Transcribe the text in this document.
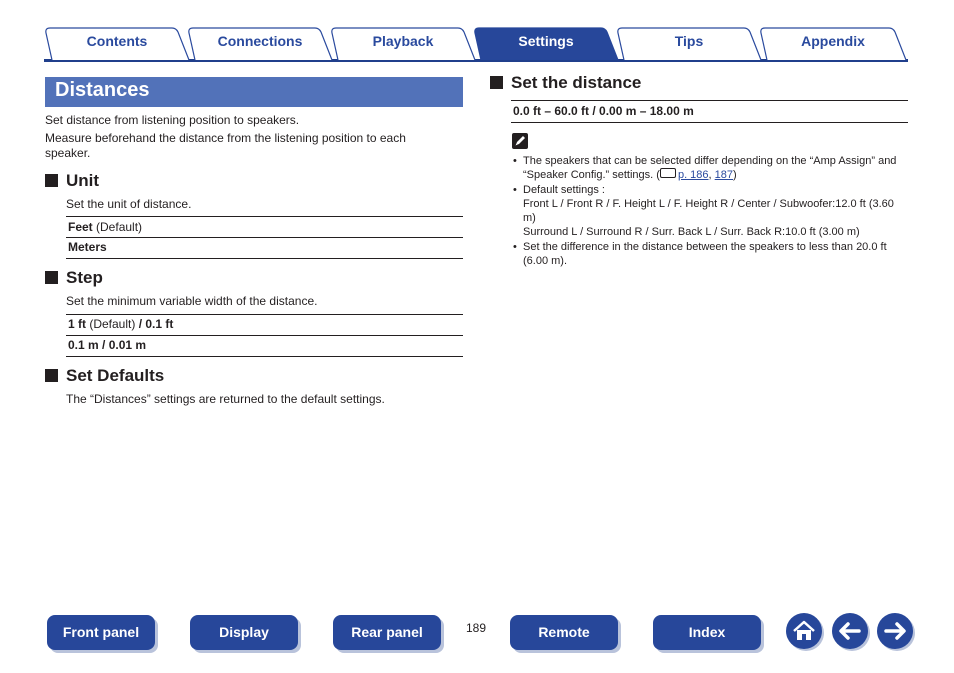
Contents	Connections	Playback	Settings	Tips	Appendix
Distances
Set distance from listening position to speakers.
Measure beforehand the distance from the listening position to each
speaker.
Unit
Set the unit of distance.
Feet (Default)
Meters
Step
Set the minimum variable width of the distance.
1 ft (Default) / 0.1 ft
0.1 m / 0.01 m
Set Defaults
The “Distances” settings are returned to the default settings.
Set the distance
0.0 ft – 60.0 ft / 0.00 m – 18.00 m
• The speakers that can be selected differ depending on the “Amp Assign” and
“Speaker Config.” settings. ( p. 186, 187)
• Default settings :
Front L / Front R / F. Height L / F. Height R / Center / Subwoofer:12.0 ft (3.60
m)
Surround L / Surround R / Surr. Back L / Surr. Back R:10.0 ft (3.00 m)
• Set the difference in the distance between the speakers to less than 20.0 ft
(6.00 m).
Front panel	Display	Rear panel	189	Remote	Index
